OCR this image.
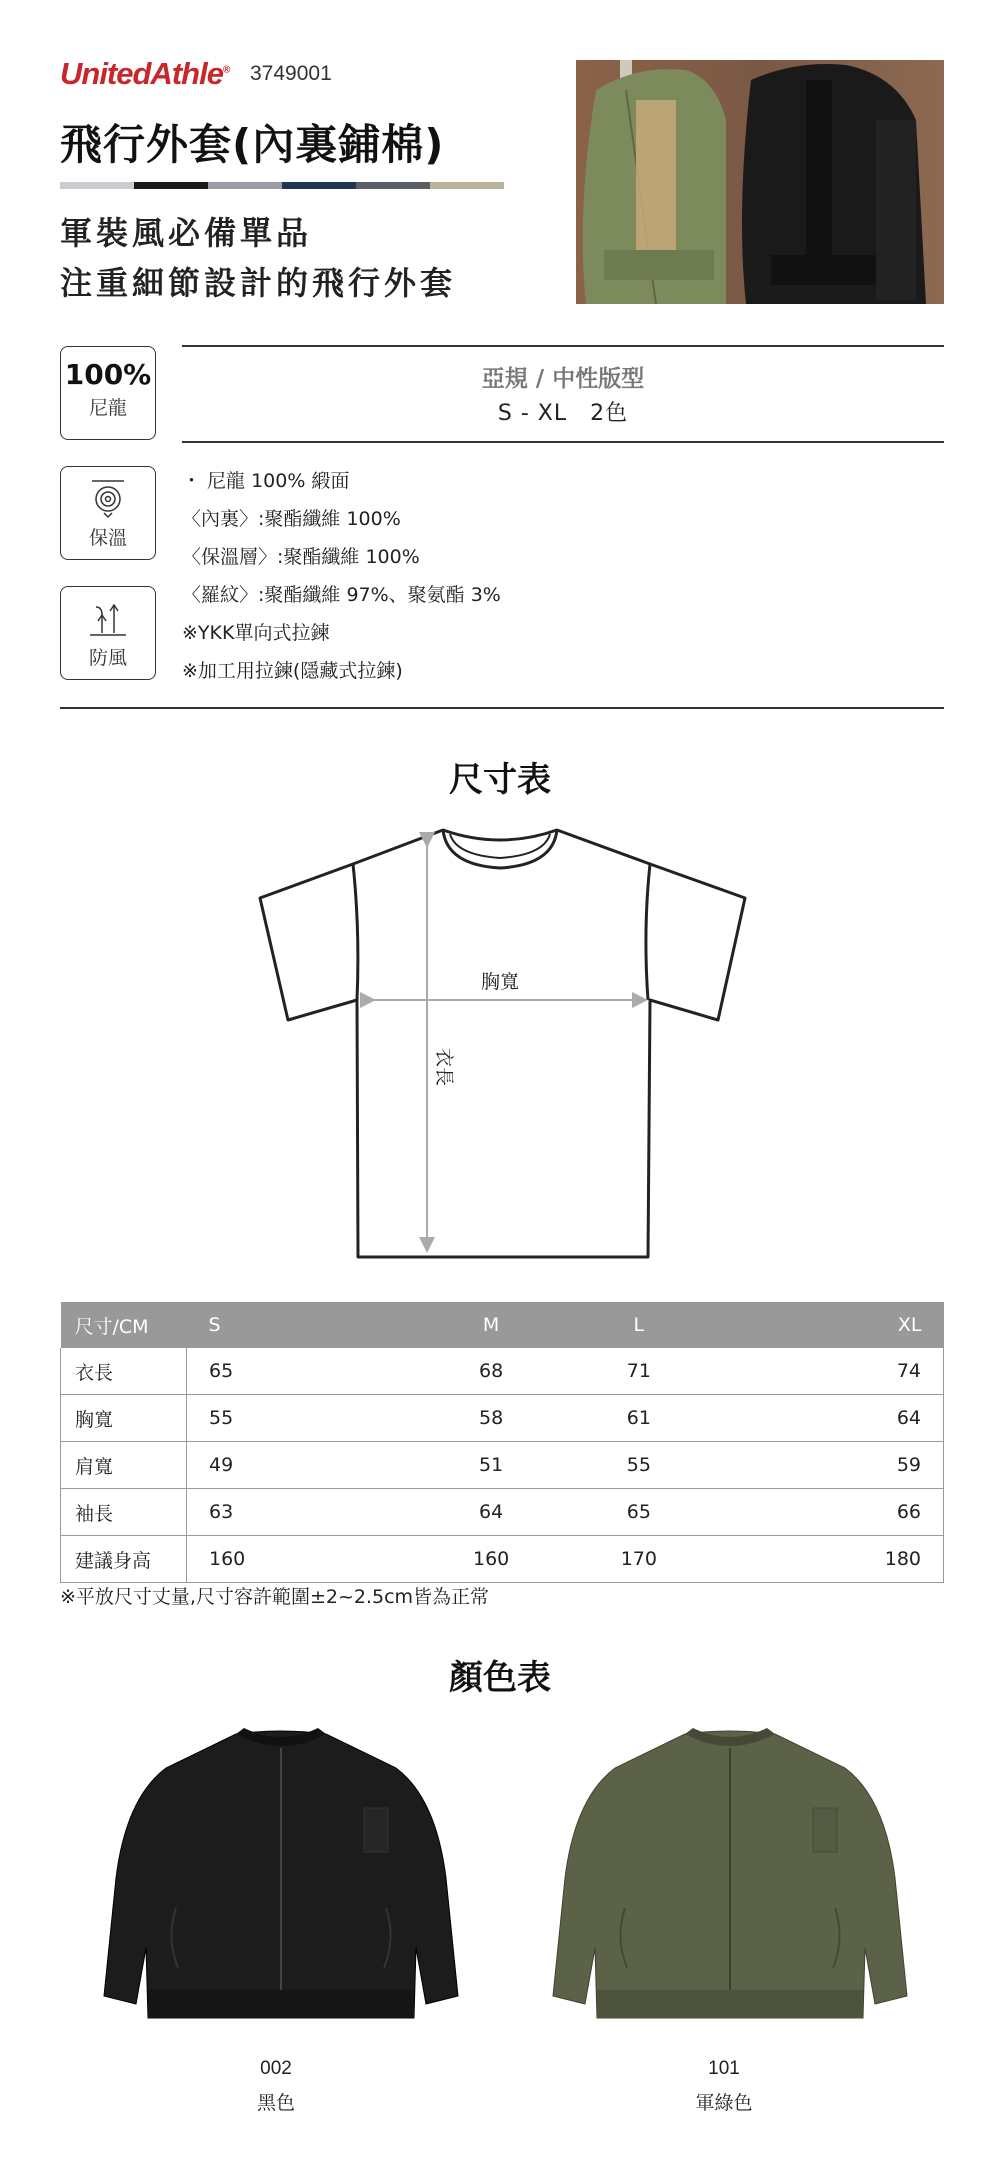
UnitedAthle® 3749001
飛行外套(內裏鋪棉)
軍裝風必備單品
注重細節設計的飛行外套
100%
尼龍
保溫
防風
亞規 / 中性版型
S - XL　2色
・ 尼龍 100% 緞面
〈內裏〉:聚酯纖維 100%
〈保溫層〉:聚酯纖維 100%
〈羅紋〉:聚酯纖維 97%、聚氨酯 3%
※YKK單向式拉鍊
※加工用拉鍊(隱藏式拉鍊)
尺寸表
胸寬
衣長
尺寸/CM	S	M	L	XL
衣長	65	68	71	74
胸寬	55	58	61	64
肩寬	49	51	55	59
袖長	63	64	65	66
建議身高	160	160	170	180
※平放尺寸丈量,尺寸容許範圍±2~2.5cm皆為正常
顏色表
002
黑色
101
軍綠色
